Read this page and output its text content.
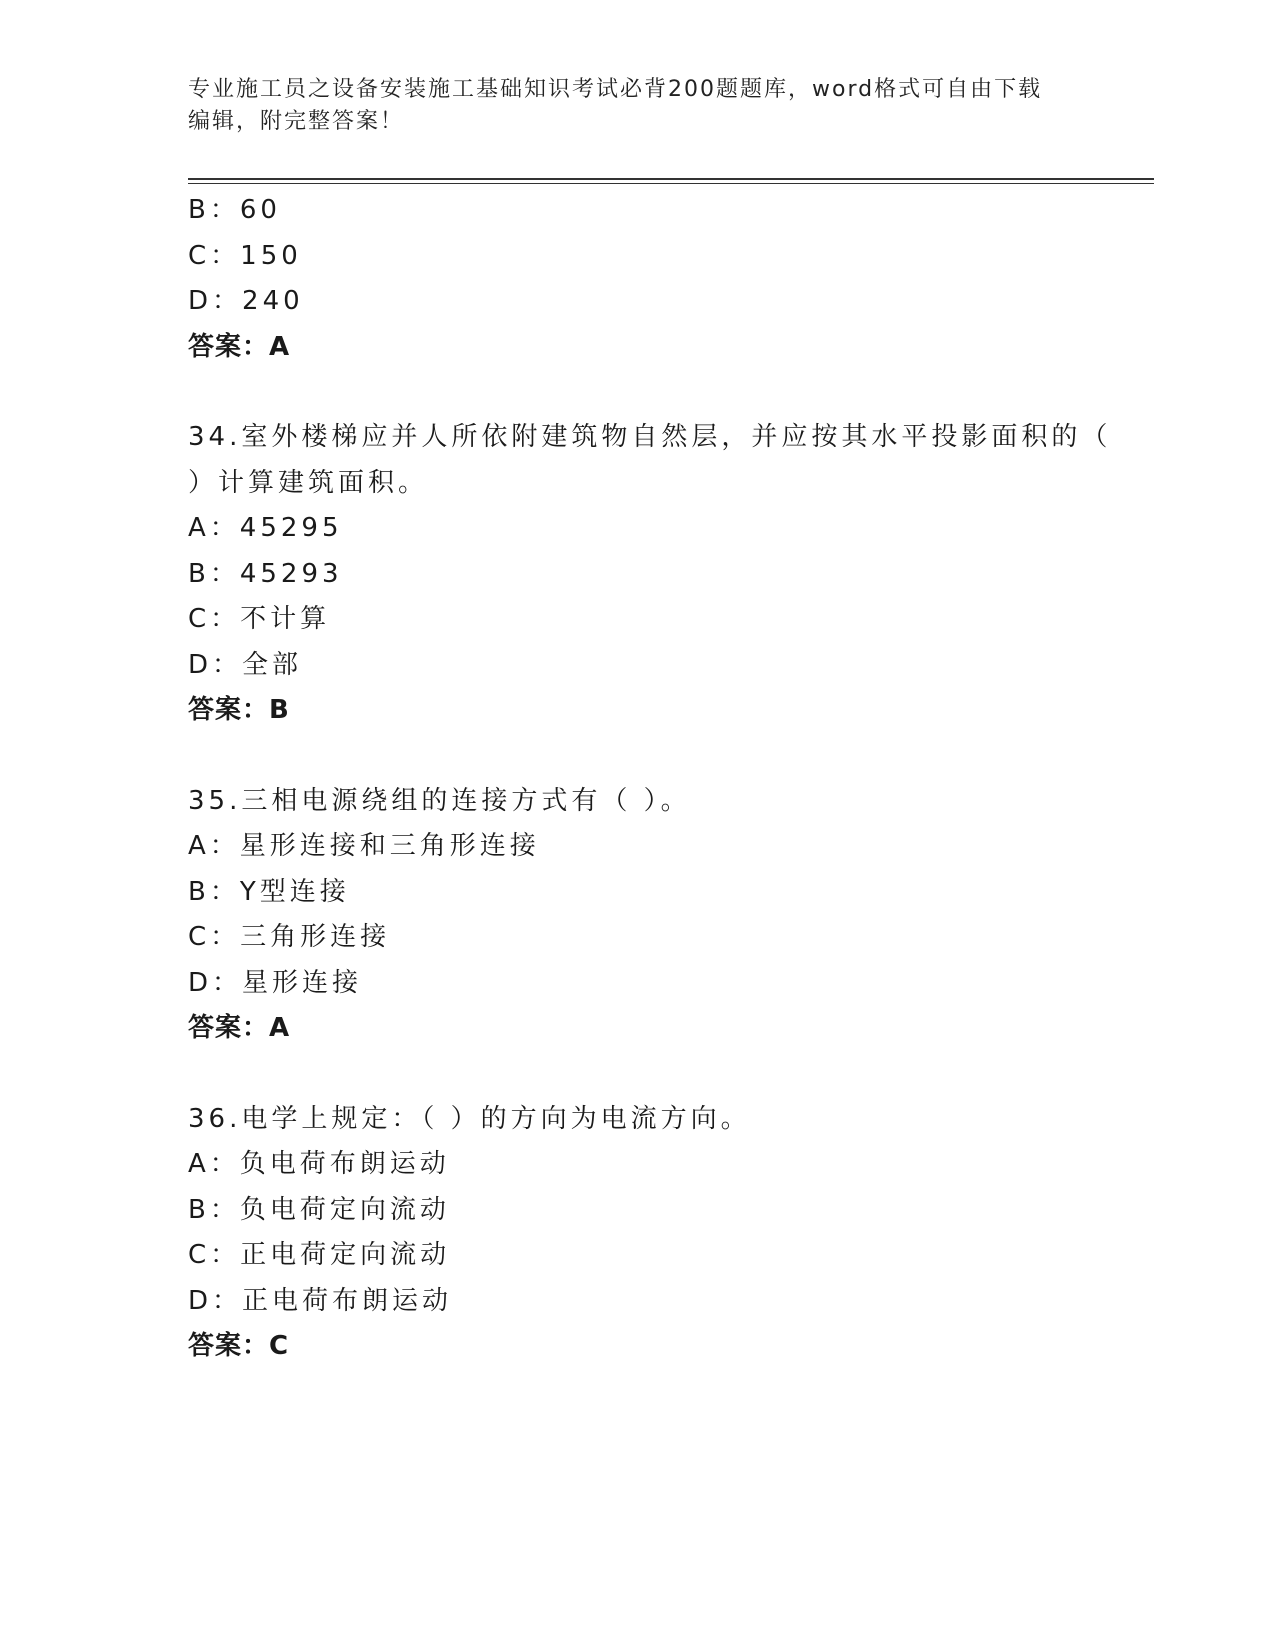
专业施工员之设备安装施工基础知识考试必背200题题库，word格式可自由下载
编辑，附完整答案！
B：60
C：150
D：240
答案：A
34.室外楼梯应并人所依附建筑物自然层，并应按其水平投影面积的（
）计算建筑面积。
A：45295
B：45293
C：不计算
D：全部
答案：B
35.三相电源绕组的连接方式有（ ）。
A：星形连接和三角形连接
B：Y型连接
C：三角形连接
D：星形连接
答案：A
36.电学上规定：（ ）的方向为电流方向。
A：负电荷布朗运动
B：负电荷定向流动
C：正电荷定向流动
D：正电荷布朗运动
答案：C
